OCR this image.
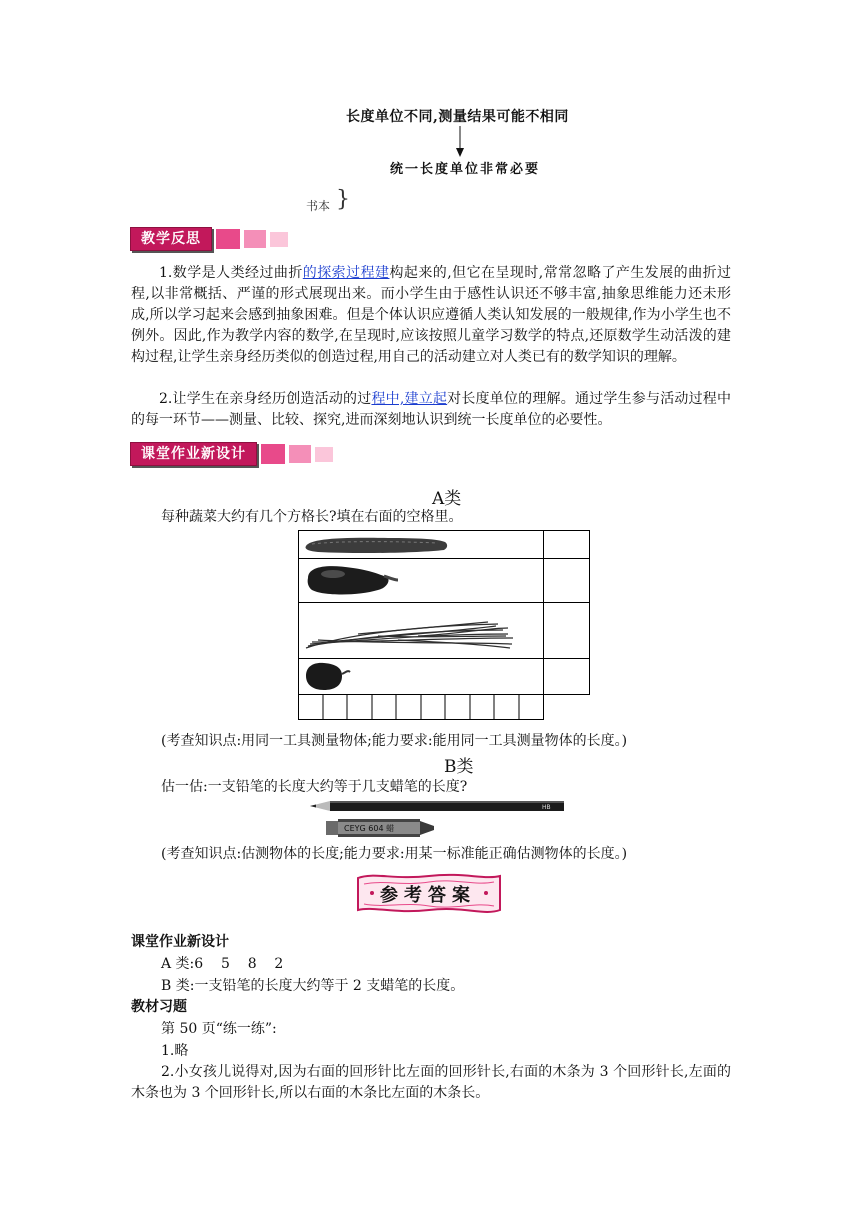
长度单位不同,测量结果可能不相同
统一长度单位非常必要
书本 }
教学反思
1.数学是人类经过曲折的探索过程建构起来的,但它在呈现时,常常忽略了产生发展的曲折过程,以非常概括、严谨的形式展现出来。而小学生由于感性认识还不够丰富,抽象思维能力还未形成,所以学习起来会感到抽象困难。但是个体认识应遵循人类认知发展的一般规律,作为小学生也不例外。因此,作为教学内容的数学,在呈现时,应该按照儿童学习数学的特点,还原数学生动活泼的建构过程,让学生亲身经历类似的创造过程,用自己的活动建立对人类已有的数学知识的理解。
2.让学生在亲身经历创造活动的过程中,建立起对长度单位的理解。通过学生参与活动过程中的每一环节——测量、比较、探究,进而深刻地认识到统一长度单位的必要性。
课堂作业新设计
A类
每种蔬菜大约有几个方格长?填在右面的空格里。
(考查知识点:用同一工具测量物体;能力要求:能用同一工具测量物体的长度。)
B类
估一估:一支铅笔的长度大约等于几支蜡笔的长度?
HB
CEYG 604 蜡
(考查知识点:估测物体的长度;能力要求:用某一标准能正确估测物体的长度。)
参考答案
课堂作业新设计
A 类:6    5    8    2
B 类:一支铅笔的长度大约等于 2 支蜡笔的长度。
教材习题
第 50 页“练一练”:
1.略
2.小女孩儿说得对,因为右面的回形针比左面的回形针长,右面的木条为 3 个回形针长,左面的木条也为 3 个回形针长,所以右面的木条比左面的木条长。
